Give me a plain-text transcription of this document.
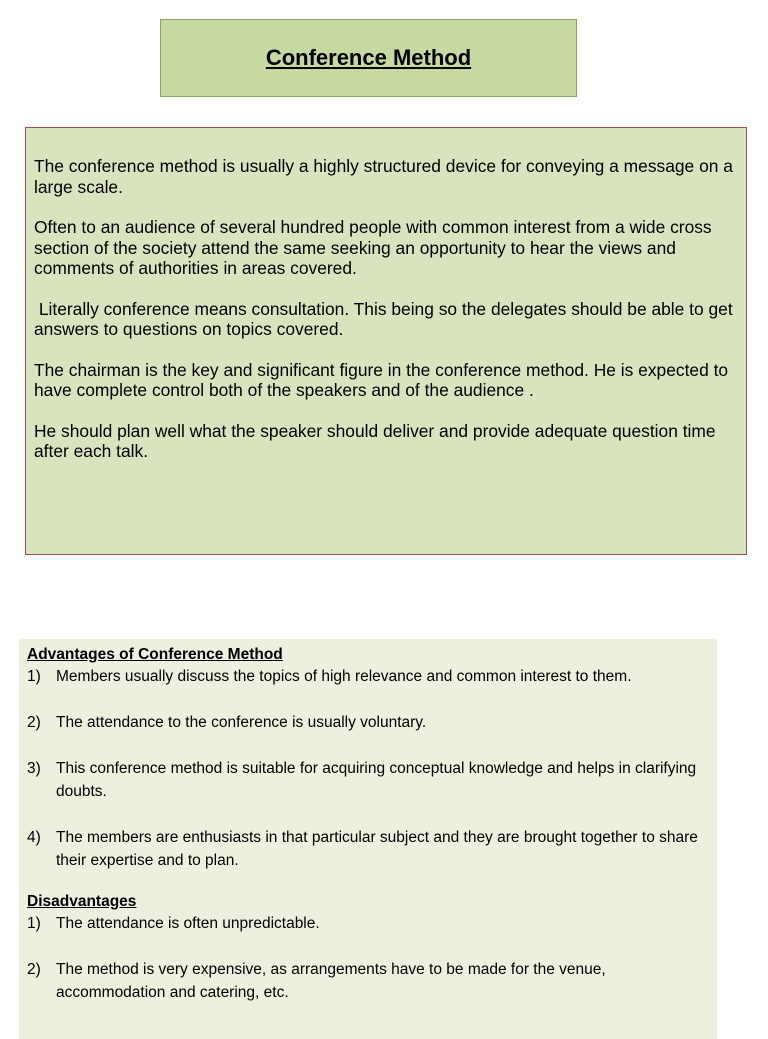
Conference Method

The conference method is usually a highly structured device for conveying a message on a large scale.

Often to an audience of several hundred people with common interest from a wide cross section of the society attend the same seeking an opportunity to hear the views and comments of authorities in areas covered.

Literally conference means consultation. This being so the delegates should be able to get answers to questions on topics covered.

The chairman is the key and significant figure in the conference method. He is expected to have complete control both of the speakers and of the audience .

He should plan well what the speaker should deliver and provide adequate question time after each talk.

Advantages of Conference Method
1) Members usually discuss the topics of high relevance and common interest to them.
2) The attendance to the conference is usually voluntary.
3) This conference method is suitable for acquiring conceptual knowledge and helps in clarifying doubts.
4) The members are enthusiasts in that particular subject and they are brought together to share their expertise and to plan.
Disadvantages
1) The attendance is often unpredictable.
2) The method is very expensive, as arrangements have to be made for the venue, accommodation and catering, etc.
